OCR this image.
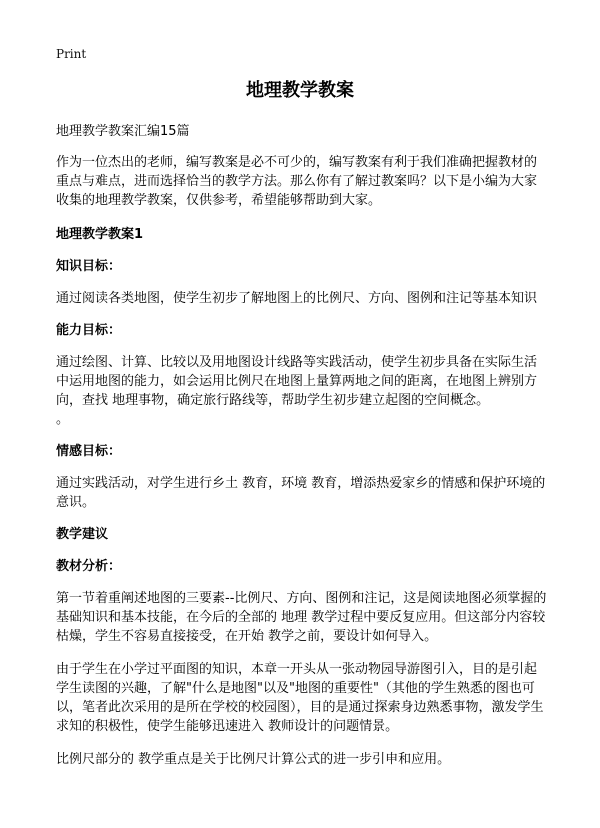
Print
地理教学教案

地理教学教案汇编15篇

作为一位杰出的老师，编写教案是必不可少的，编写教案有利于我们准确把握教材的重点与难点，进而选择恰当的教学方法。那么你有了解过教案吗？以下是小编为大家收集的地理教学教案，仅供参考，希望能够帮助到大家。

地理教学教案1
知识目标：

通过阅读各类地图，使学生初步了解地图上的比例尺、方向、图例和注记等基本知识

能力目标：

通过绘图、计算、比较以及用地图设计线路等实践活动，使学生初步具备在实际生活中运用地图的能力，如会运用比例尺在地图上量算两地之间的距离，在地图上辨别方向，查找 地理事物，确定旅行路线等，帮助学生初步建立起图的空间概念。

。

情感目标：

通过实践活动，对学生进行乡土 教育，环境 教育，增添热爱家乡的情感和保护环境的意识。

教学建议
教材分析：

第一节着重阐述地图的三要素--比例尺、方向、图例和注记，这是阅读地图必须掌握的基础知识和基本技能，在今后的全部的 地理 教学过程中要反复应用。但这部分内容较枯燥，学生不容易直接接受，在开始 教学之前，要设计如何导入。

由于学生在小学过平面图的知识，本章一开头从一张动物园导游图引入，目的是引起学生读图的兴趣，了解"什么是地图"以及"地图的重要性"（其他的学生熟悉的图也可以，笔者此次采用的是所在学校的校园图），目的是通过探索身边熟悉事物，激发学生求知的积极性，使学生能够迅速进入 教师设计的问题情景。

比例尺部分的 教学重点是关于比例尺计算公式的进一步引申和应用。
